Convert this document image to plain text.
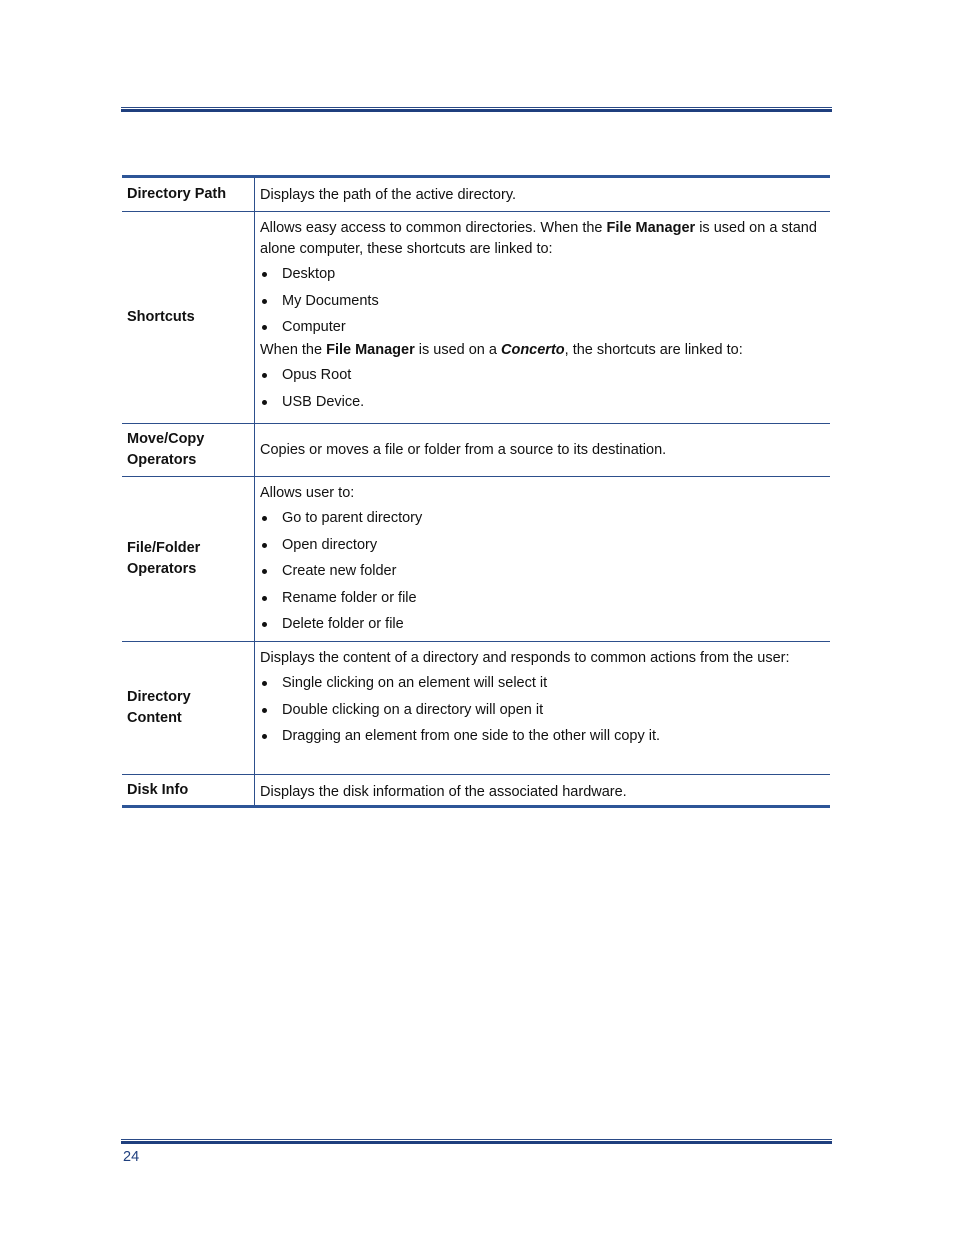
Directory Path	Displays the path of the active directory.
Shortcuts
Allows easy access to common directories. When the File Manager is used on a stand alone computer, these shortcuts are linked to:
Desktop
My Documents
Computer
When the File Manager is used on a Concerto, the shortcuts are linked to:
Opus Root
USB Device.
Move/Copy
Operators
Copies or moves a file or folder from a source to its destination.
File/Folder
Operators
Allows user to:
Go to parent directory
Open directory
Create new folder
Rename folder or file
Delete folder or file
Directory
Content
Displays the content of a directory and responds to common actions from the user:
Single clicking on an element will select it
Double clicking on a directory will open it
Dragging an element from one side to the other will copy it.
Disk Info	Displays the disk information of the associated hardware.
24
